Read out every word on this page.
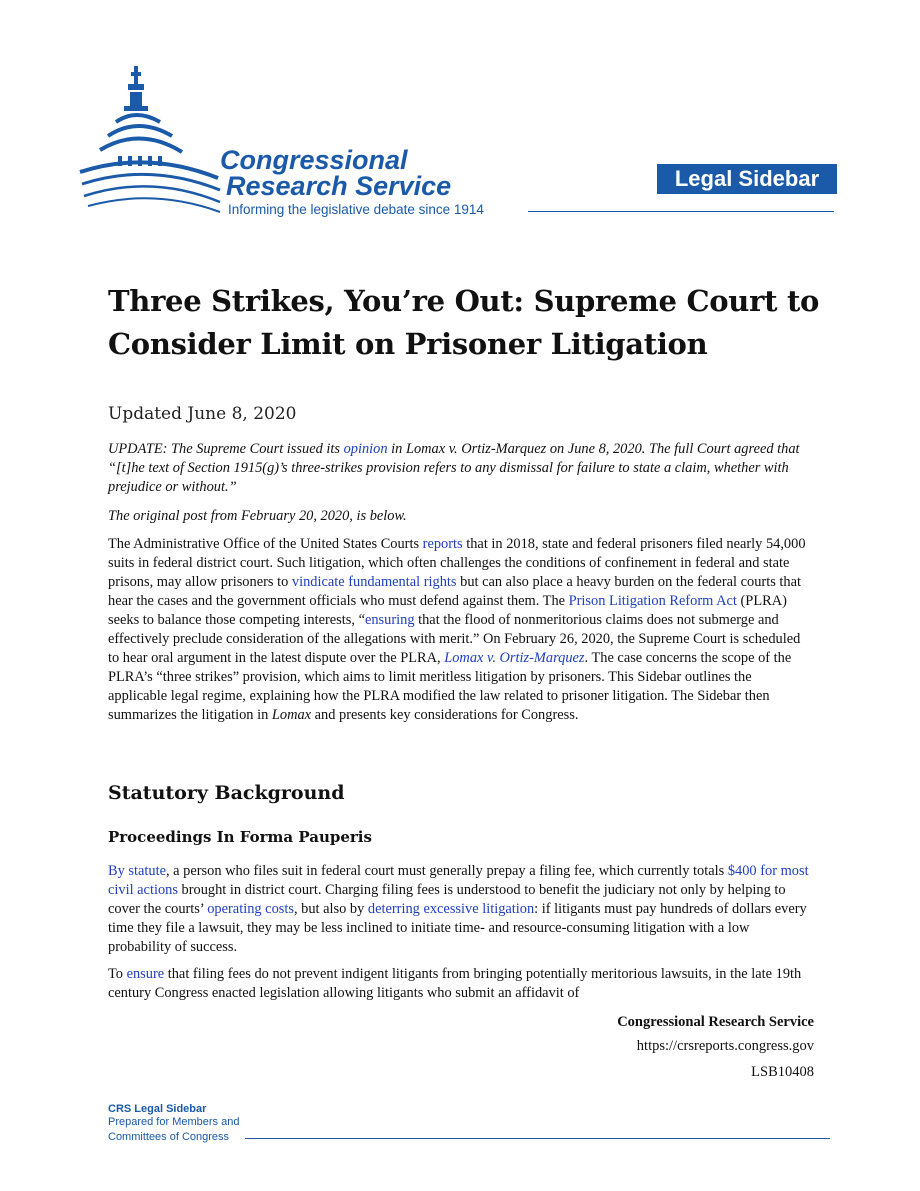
Congressional
Research Service
Informing the legislative debate since 1914
Legal Sidebar
Three Strikes, You’re Out: Supreme Court to Consider Limit on Prisoner Litigation
Updated June 8, 2020
UPDATE: The Supreme Court issued its opinion in Lomax v. Ortiz-Marquez on June 8, 2020. The full Court agreed that “[t]he text of Section 1915(g)’s three-strikes provision refers to any dismissal for failure to state a claim, whether with prejudice or without.”
The original post from February 20, 2020, is below.
The Administrative Office of the United States Courts reports that in 2018, state and federal prisoners filed nearly 54,000 suits in federal district court. Such litigation, which often challenges the conditions of confinement in federal and state prisons, may allow prisoners to vindicate fundamental rights but can also place a heavy burden on the federal courts that hear the cases and the government officials who must defend against them. The Prison Litigation Reform Act (PLRA) seeks to balance those competing interests, “ensuring that the flood of nonmeritorious claims does not submerge and effectively preclude consideration of the allegations with merit.” On February 26, 2020, the Supreme Court is scheduled to hear oral argument in the latest dispute over the PLRA, Lomax v. Ortiz-Marquez. The case concerns the scope of the PLRA’s “three strikes” provision, which aims to limit meritless litigation by prisoners. This Sidebar outlines the applicable legal regime, explaining how the PLRA modified the law related to prisoner litigation. The Sidebar then summarizes the litigation in Lomax and presents key considerations for Congress.
Statutory Background
Proceedings In Forma Pauperis
By statute, a person who files suit in federal court must generally prepay a filing fee, which currently totals $400 for most civil actions brought in district court. Charging filing fees is understood to benefit the judiciary not only by helping to cover the courts’ operating costs, but also by deterring excessive litigation: if litigants must pay hundreds of dollars every time they file a lawsuit, they may be less inclined to initiate time- and resource-consuming litigation with a low probability of success.
To ensure that filing fees do not prevent indigent litigants from bringing potentially meritorious lawsuits, in the late 19th century Congress enacted legislation allowing litigants who submit an affidavit of
Congressional Research Service
https://crsreports.congress.gov
LSB10408
CRS Legal Sidebar
Prepared for Members and
Committees of Congress
